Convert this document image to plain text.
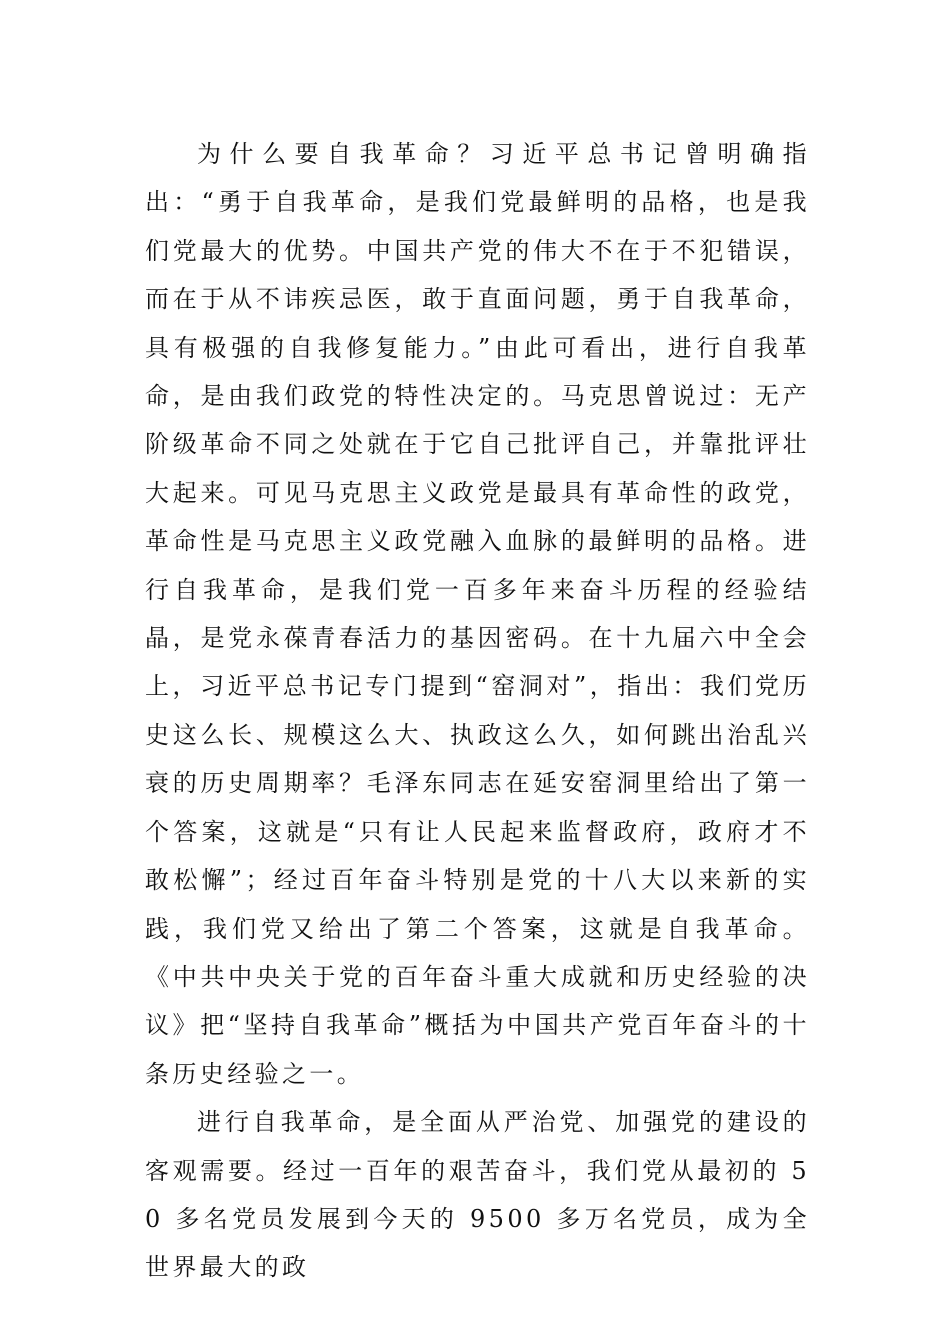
为什么要自我革命？习近平总书记曾明确指出：“勇于自我革命，是我们党最鲜明的品格，也是我们党最大的优势。中国共产党的伟大不在于不犯错误，而在于从不讳疾忌医，敢于直面问题，勇于自我革命，具有极强的自我修复能力。”由此可看出，进行自我革命，是由我们政党的特性决定的。马克思曾说过：无产阶级革命不同之处就在于它自己批评自己，并靠批评壮大起来。可见马克思主义政党是最具有革命性的政党，革命性是马克思主义政党融入血脉的最鲜明的品格。进行自我革命，是我们党一百多年来奋斗历程的经验结晶，是党永葆青春活力的基因密码。在十九届六中全会上，习近平总书记专门提到“窑洞对”，指出：我们党历史这么长、规模这么大、执政这么久，如何跳出治乱兴衰的历史周期率？毛泽东同志在延安窑洞里给出了第一个答案，这就是“只有让人民起来监督政府，政府才不敢松懈”；经过百年奋斗特别是党的十八大以来新的实践，我们党又给出了第二个答案，这就是自我革命。《中共中央关于党的百年奋斗重大成就和历史经验的决议》把“坚持自我革命”概括为中国共产党百年奋斗的十条历史经验之一。

进行自我革命，是全面从严治党、加强党的建设的客观需要。经过一百年的艰苦奋斗，我们党从最初的 50 多名党员发展到今天的 9500 多万名党员，成为全世界最大的政
